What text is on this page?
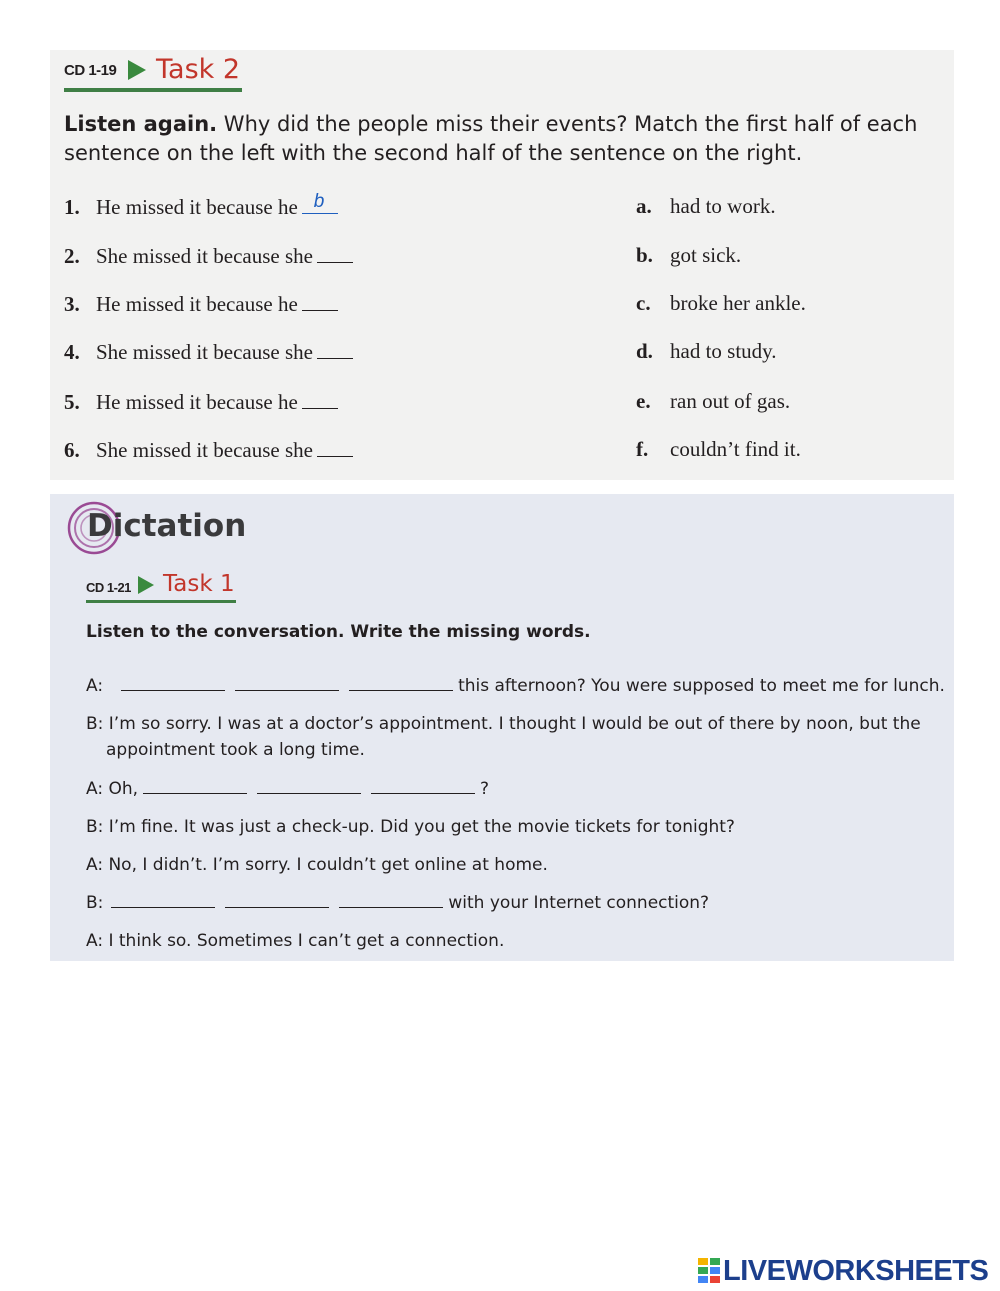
CD 1-19 Task 2

Listen again. Why did the people miss their events? Match the first half of each sentence on the left with the second half of the sentence on the right.

1. He missed it because he b	a. had to work.
2. She missed it because she	b. got sick.
3. He missed it because he	c. broke her ankle.
4. She missed it because she	d. had to study.
5. He missed it because he	e. ran out of gas.
6. She missed it because she	f. couldn’t find it.
Dictation
CD 1-21 Task 1
Listen to the conversation. Write the missing words.
A:	this afternoon? You were supposed to meet me for lunch.
B: I’m so sorry. I was at a doctor’s appointment. I thought I would be out of there by noon, but the
appointment took a long time.
A: Oh,	?
B: I’m fine. It was just a check-up. Did you get the movie tickets for tonight?
A: No, I didn’t. I’m sorry. I couldn’t get online at home.
B:	with your Internet connection?
A: I think so. Sometimes I can’t get a connection.
LIVEWORKSHEETS
